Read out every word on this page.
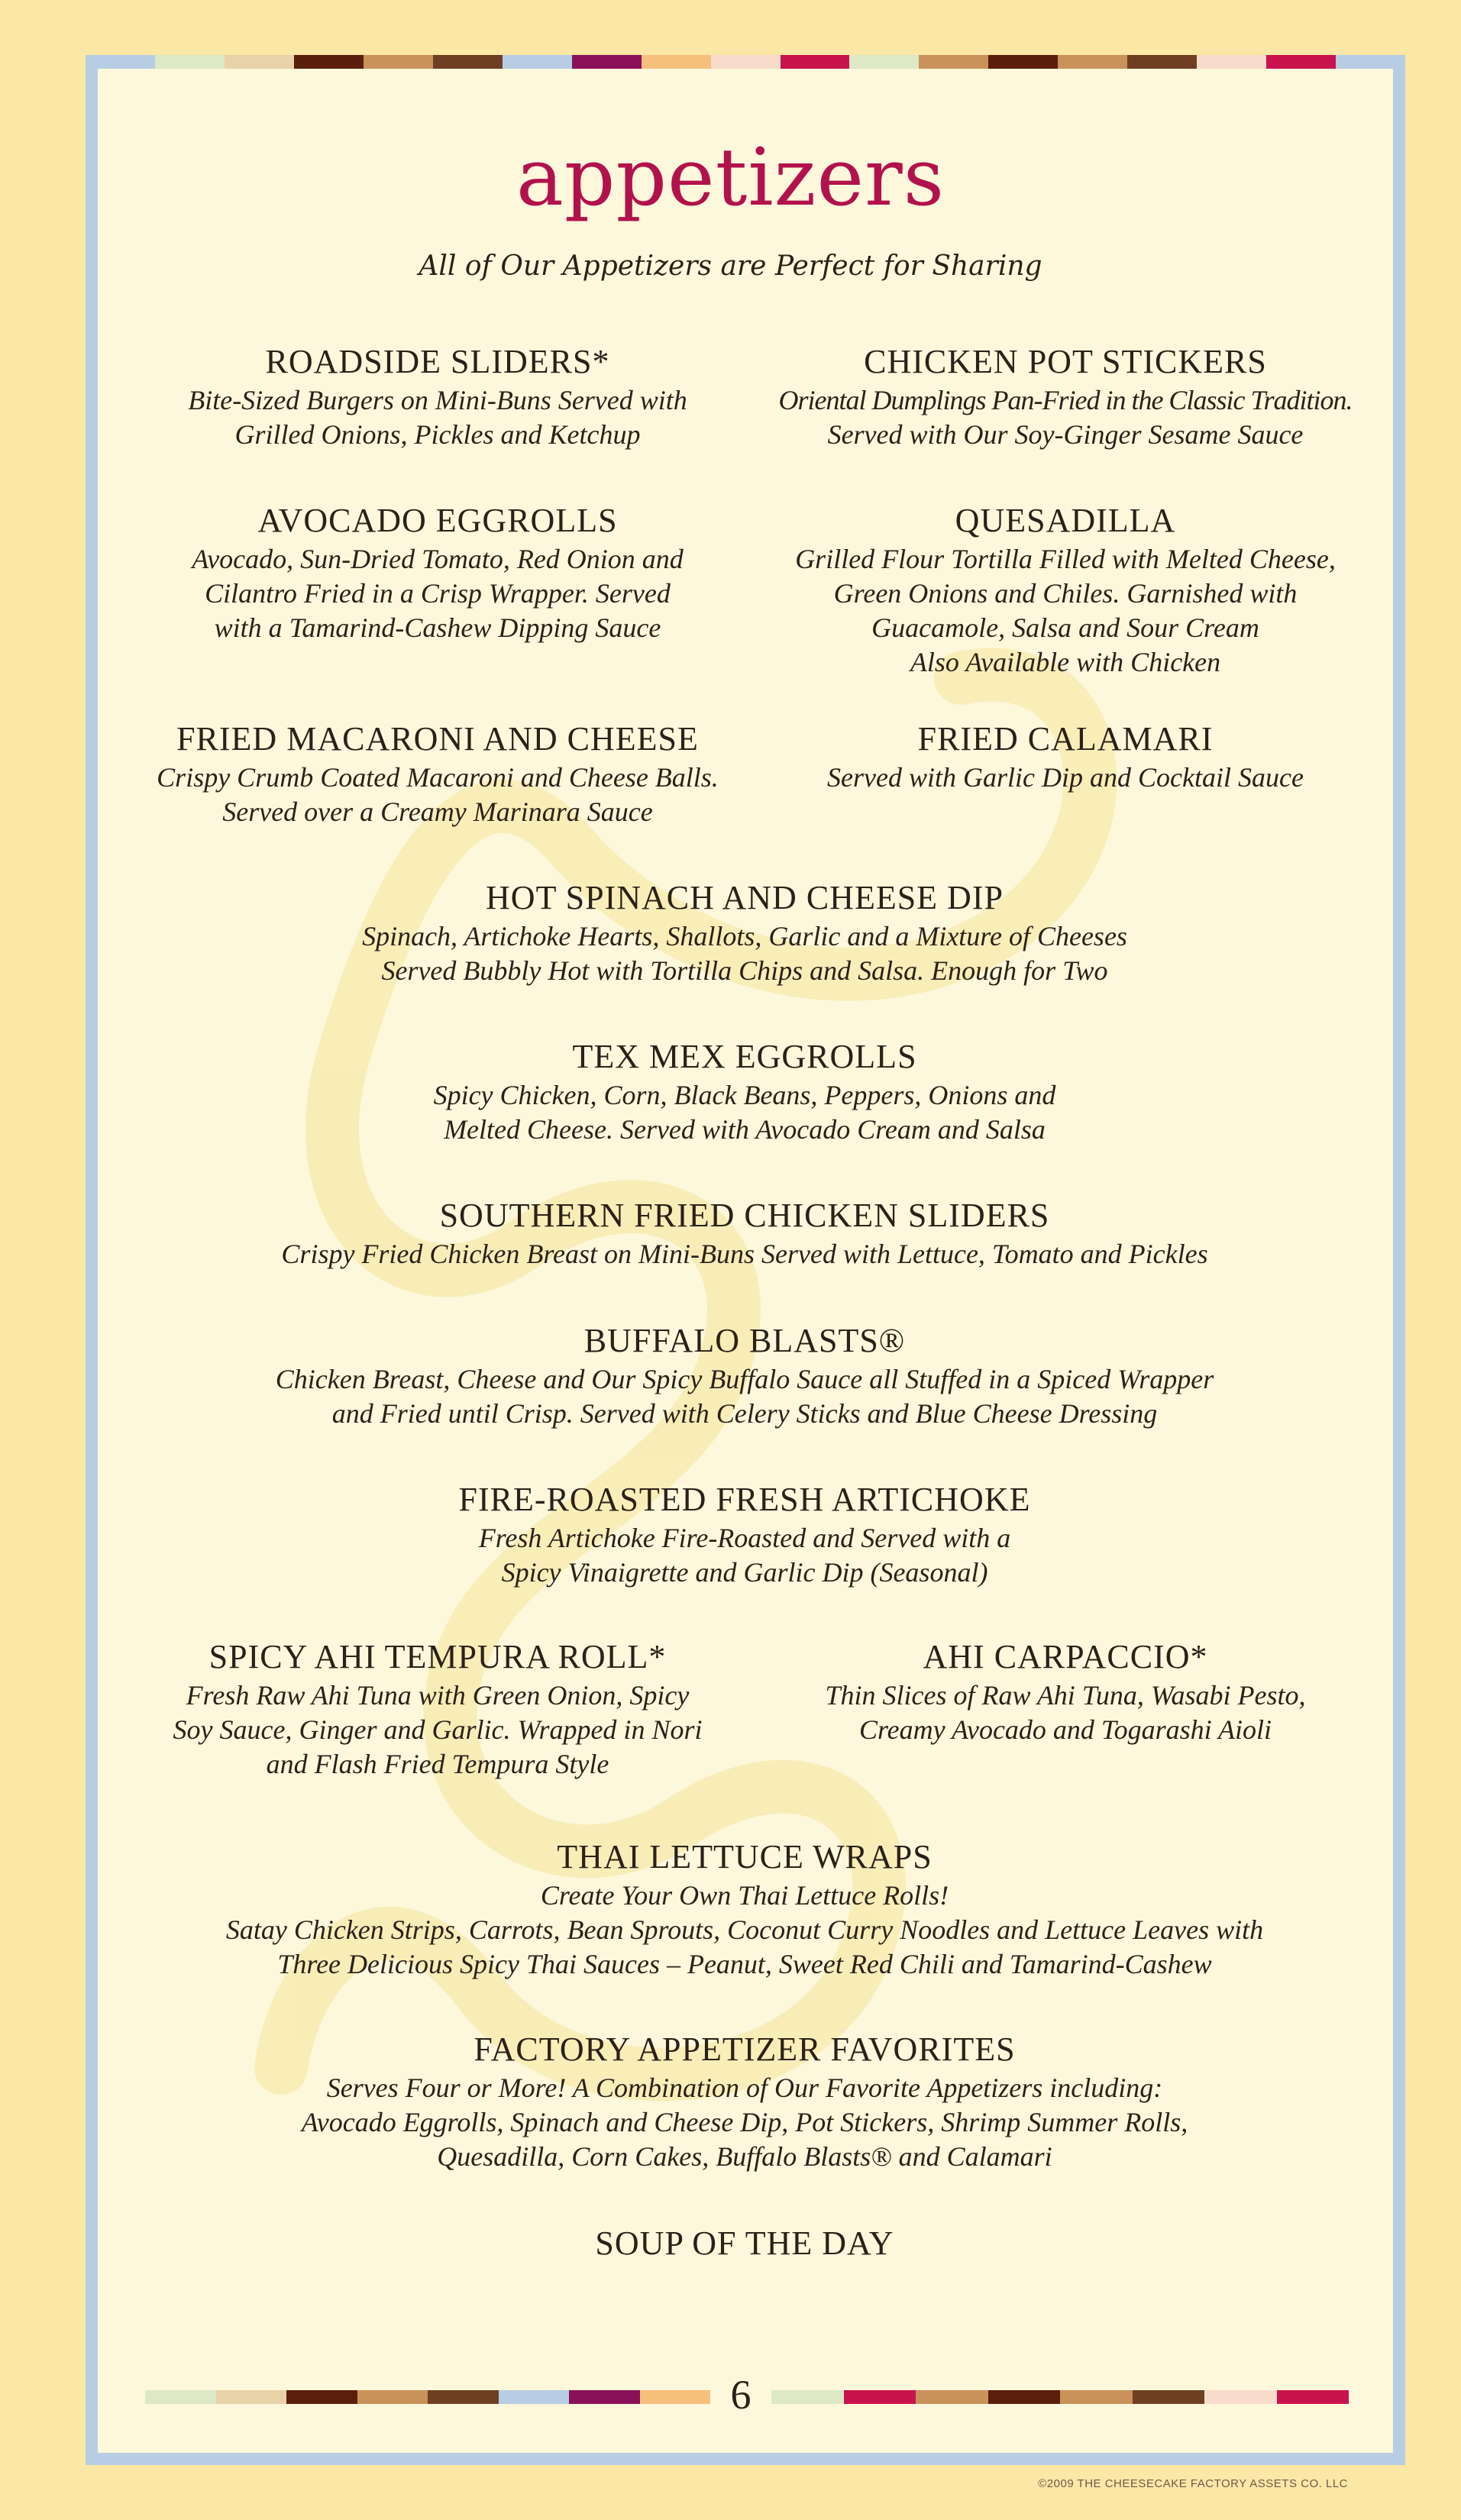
appetizers
All of Our Appetizers are Perfect for Sharing
ROADSIDE SLIDERS*
Bite-Sized Burgers on Mini-Buns Served with
Grilled Onions, Pickles and Ketchup
CHICKEN POT STICKERS
Oriental Dumplings Pan-Fried in the Classic Tradition.
Served with Our Soy-Ginger Sesame Sauce
AVOCADO EGGROLLS
Avocado, Sun-Dried Tomato, Red Onion and
Cilantro Fried in a Crisp Wrapper. Served
with a Tamarind-Cashew Dipping Sauce
QUESADILLA
Grilled Flour Tortilla Filled with Melted Cheese,
Green Onions and Chiles. Garnished with
Guacamole, Salsa and Sour Cream
Also Available with Chicken
FRIED MACARONI AND CHEESE
Crispy Crumb Coated Macaroni and Cheese Balls.
Served over a Creamy Marinara Sauce
FRIED CALAMARI
Served with Garlic Dip and Cocktail Sauce
HOT SPINACH AND CHEESE DIP
Spinach, Artichoke Hearts, Shallots, Garlic and a Mixture of Cheeses
Served Bubbly Hot with Tortilla Chips and Salsa. Enough for Two
TEX MEX EGGROLLS
Spicy Chicken, Corn, Black Beans, Peppers, Onions and
Melted Cheese. Served with Avocado Cream and Salsa
SOUTHERN FRIED CHICKEN SLIDERS
Crispy Fried Chicken Breast on Mini-Buns Served with Lettuce, Tomato and Pickles
BUFFALO BLASTS®
Chicken Breast, Cheese and Our Spicy Buffalo Sauce all Stuffed in a Spiced Wrapper
and Fried until Crisp. Served with Celery Sticks and Blue Cheese Dressing
FIRE-ROASTED FRESH ARTICHOKE
Fresh Artichoke Fire-Roasted and Served with a
Spicy Vinaigrette and Garlic Dip (Seasonal)
SPICY AHI TEMPURA ROLL*
Fresh Raw Ahi Tuna with Green Onion, Spicy
Soy Sauce, Ginger and Garlic. Wrapped in Nori
and Flash Fried Tempura Style
AHI CARPACCIO*
Thin Slices of Raw Ahi Tuna, Wasabi Pesto,
Creamy Avocado and Togarashi Aioli
THAI LETTUCE WRAPS
Create Your Own Thai Lettuce Rolls!
Satay Chicken Strips, Carrots, Bean Sprouts, Coconut Curry Noodles and Lettuce Leaves with
Three Delicious Spicy Thai Sauces – Peanut, Sweet Red Chili and Tamarind-Cashew
FACTORY APPETIZER FAVORITES
Serves Four or More! A Combination of Our Favorite Appetizers including:
Avocado Eggrolls, Spinach and Cheese Dip, Pot Stickers, Shrimp Summer Rolls,
Quesadilla, Corn Cakes, Buffalo Blasts® and Calamari
SOUP OF THE DAY
6
©2009 THE CHEESECAKE FACTORY ASSETS CO. LLC
